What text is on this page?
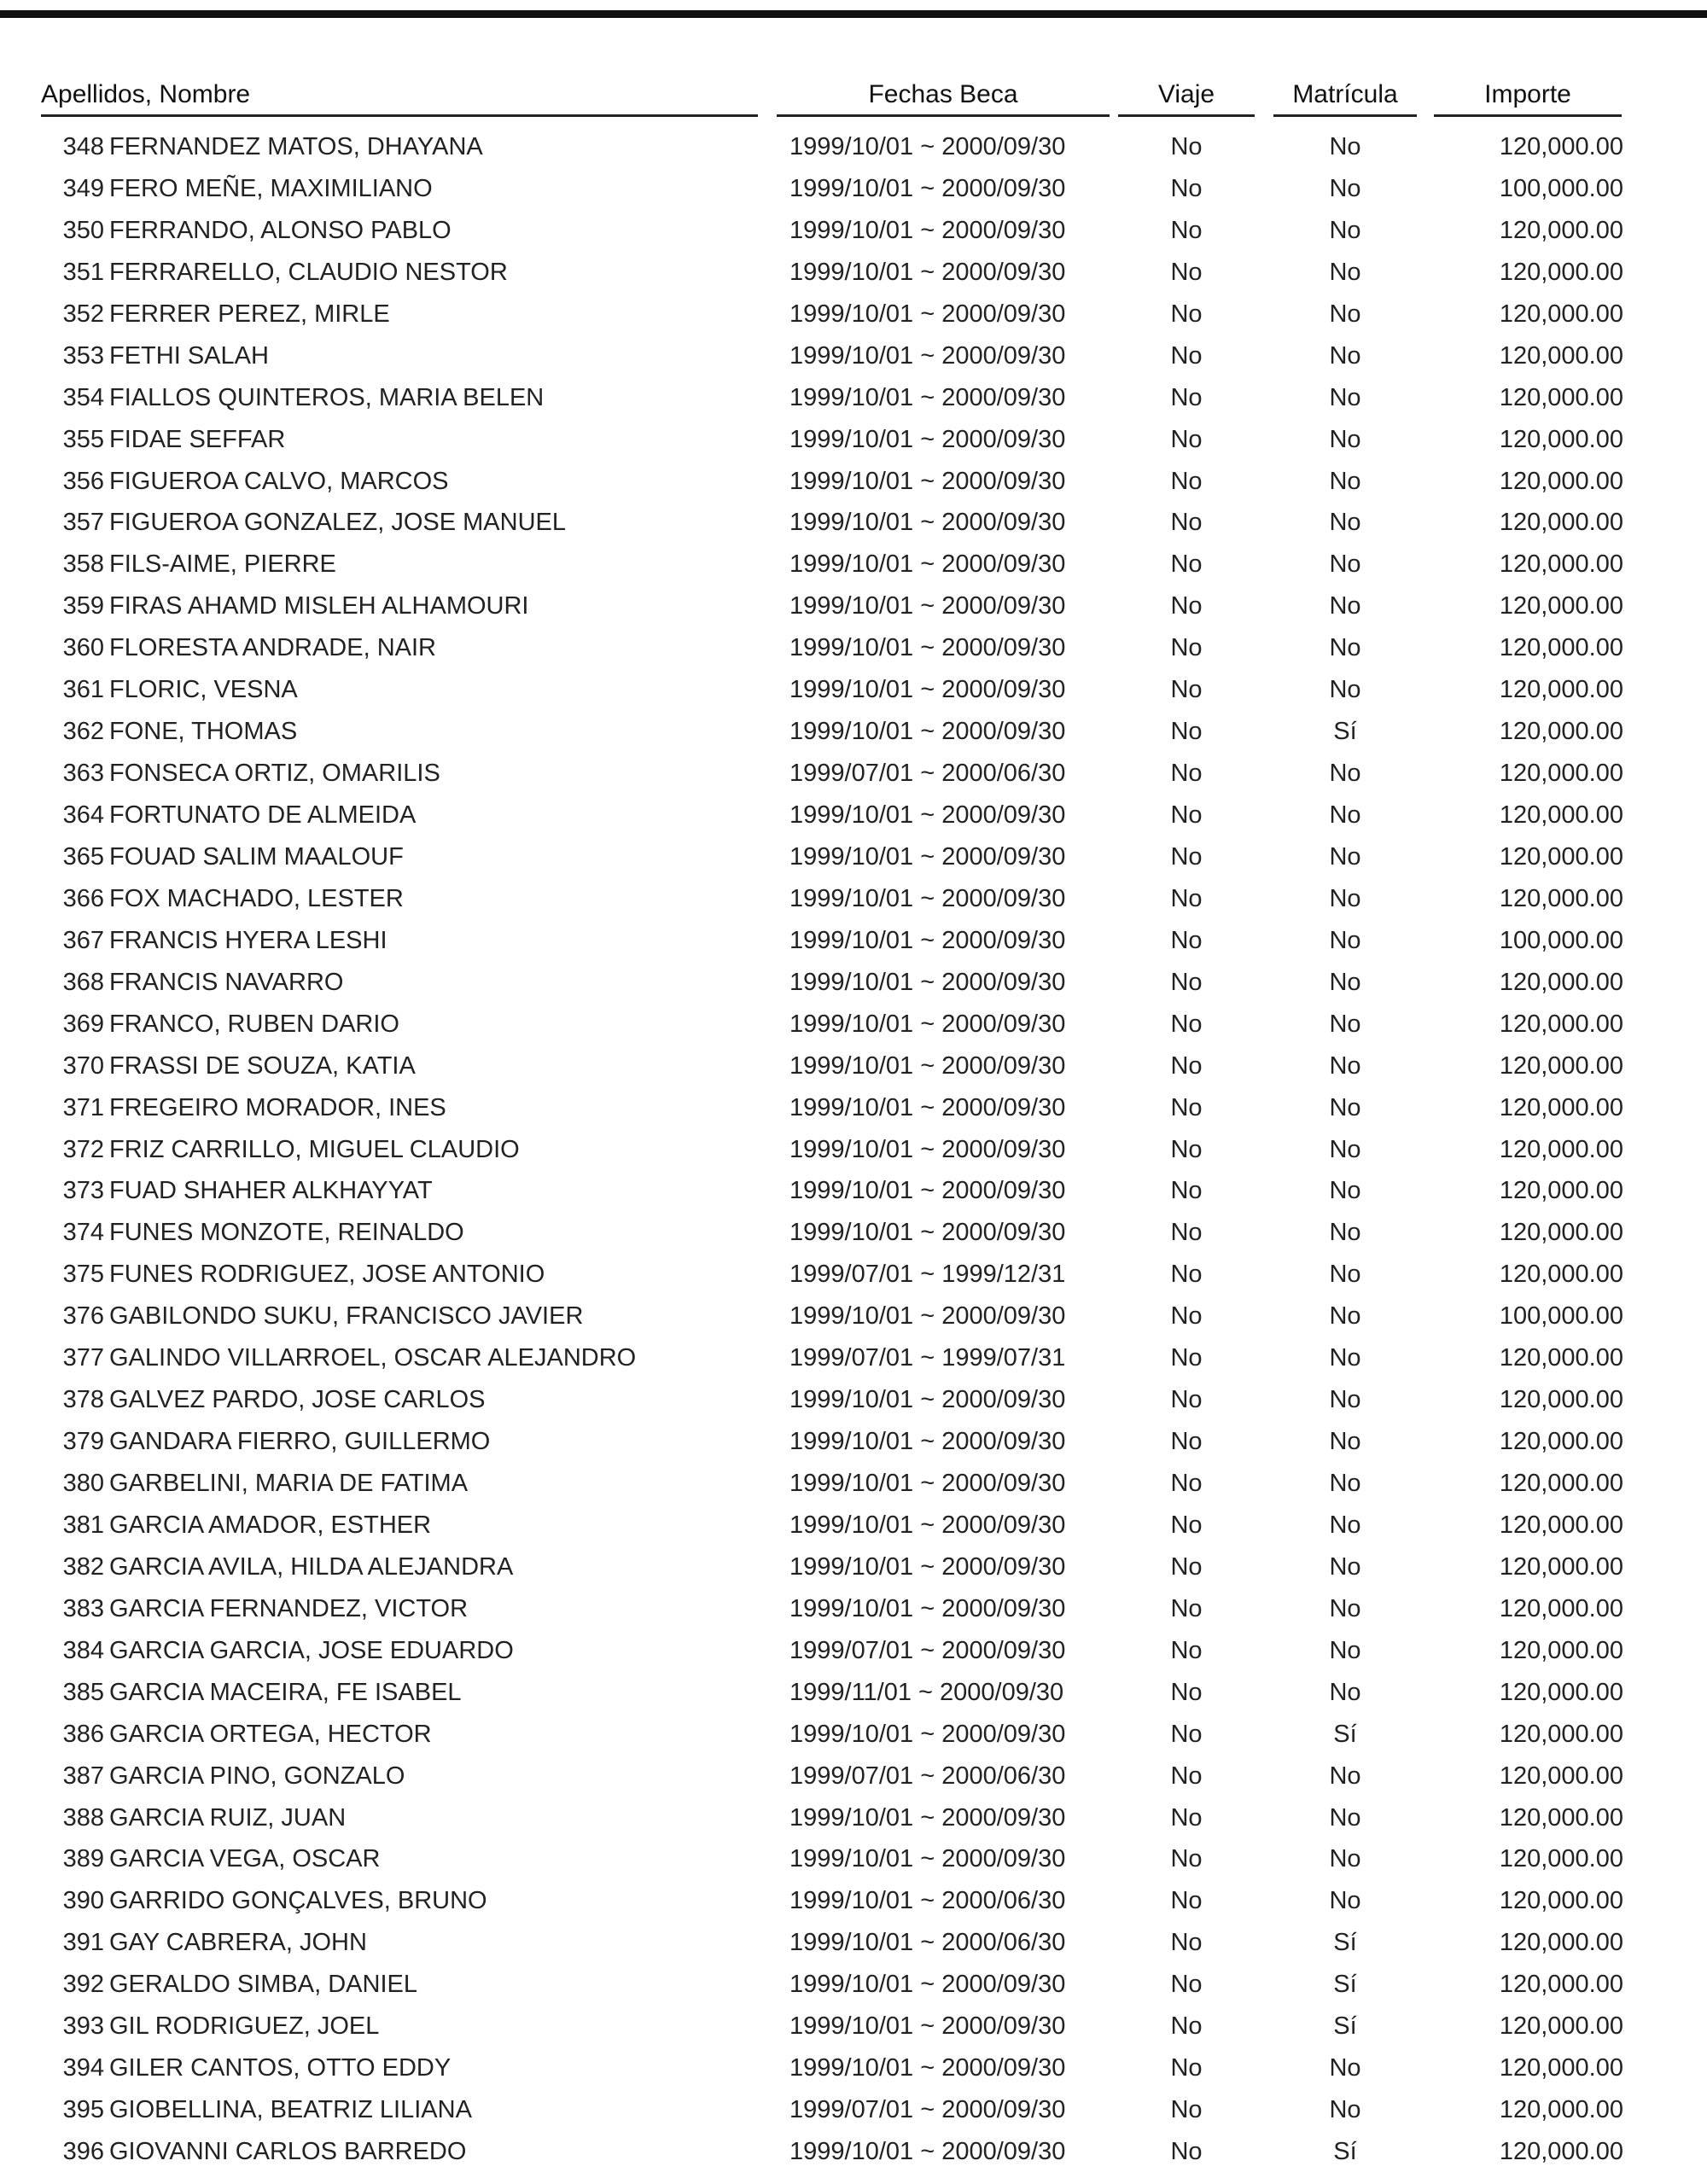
Apellidos, Nombre	Fechas Beca	Viaje	Matrícula	Importe
348 FERNANDEZ MATOS, DHAYANA	1999/10/01 ~ 2000/09/30	No	No	120,000.00
349 FERO MEÑE, MAXIMILIANO	1999/10/01 ~ 2000/09/30	No	No	100,000.00
350 FERRANDO, ALONSO PABLO	1999/10/01 ~ 2000/09/30	No	No	120,000.00
351 FERRARELLO, CLAUDIO NESTOR	1999/10/01 ~ 2000/09/30	No	No	120,000.00
352 FERRER PEREZ, MIRLE	1999/10/01 ~ 2000/09/30	No	No	120,000.00
353 FETHI SALAH	1999/10/01 ~ 2000/09/30	No	No	120,000.00
354 FIALLOS QUINTEROS, MARIA BELEN	1999/10/01 ~ 2000/09/30	No	No	120,000.00
355 FIDAE SEFFAR	1999/10/01 ~ 2000/09/30	No	No	120,000.00
356 FIGUEROA CALVO, MARCOS	1999/10/01 ~ 2000/09/30	No	No	120,000.00
357 FIGUEROA GONZALEZ, JOSE MANUEL	1999/10/01 ~ 2000/09/30	No	No	120,000.00
358 FILS-AIME, PIERRE	1999/10/01 ~ 2000/09/30	No	No	120,000.00
359 FIRAS AHAMD MISLEH ALHAMOURI	1999/10/01 ~ 2000/09/30	No	No	120,000.00
360 FLORESTA ANDRADE, NAIR	1999/10/01 ~ 2000/09/30	No	No	120,000.00
361 FLORIC, VESNA	1999/10/01 ~ 2000/09/30	No	No	120,000.00
362 FONE, THOMAS	1999/10/01 ~ 2000/09/30	No	Sí	120,000.00
363 FONSECA ORTIZ, OMARILIS	1999/07/01 ~ 2000/06/30	No	No	120,000.00
364 FORTUNATO DE ALMEIDA	1999/10/01 ~ 2000/09/30	No	No	120,000.00
365 FOUAD SALIM MAALOUF	1999/10/01 ~ 2000/09/30	No	No	120,000.00
366 FOX MACHADO, LESTER	1999/10/01 ~ 2000/09/30	No	No	120,000.00
367 FRANCIS HYERA LESHI	1999/10/01 ~ 2000/09/30	No	No	100,000.00
368 FRANCIS NAVARRO	1999/10/01 ~ 2000/09/30	No	No	120,000.00
369 FRANCO, RUBEN DARIO	1999/10/01 ~ 2000/09/30	No	No	120,000.00
370 FRASSI DE SOUZA, KATIA	1999/10/01 ~ 2000/09/30	No	No	120,000.00
371 FREGEIRO MORADOR, INES	1999/10/01 ~ 2000/09/30	No	No	120,000.00
372 FRIZ CARRILLO, MIGUEL CLAUDIO	1999/10/01 ~ 2000/09/30	No	No	120,000.00
373 FUAD SHAHER ALKHAYYAT	1999/10/01 ~ 2000/09/30	No	No	120,000.00
374 FUNES MONZOTE, REINALDO	1999/10/01 ~ 2000/09/30	No	No	120,000.00
375 FUNES RODRIGUEZ, JOSE ANTONIO	1999/07/01 ~ 1999/12/31	No	No	120,000.00
376 GABILONDO SUKU, FRANCISCO JAVIER	1999/10/01 ~ 2000/09/30	No	No	100,000.00
377 GALINDO VILLARROEL, OSCAR ALEJANDRO	1999/07/01 ~ 1999/07/31	No	No	120,000.00
378 GALVEZ PARDO, JOSE CARLOS	1999/10/01 ~ 2000/09/30	No	No	120,000.00
379 GANDARA FIERRO, GUILLERMO	1999/10/01 ~ 2000/09/30	No	No	120,000.00
380 GARBELINI, MARIA DE FATIMA	1999/10/01 ~ 2000/09/30	No	No	120,000.00
381 GARCIA AMADOR, ESTHER	1999/10/01 ~ 2000/09/30	No	No	120,000.00
382 GARCIA AVILA, HILDA ALEJANDRA	1999/10/01 ~ 2000/09/30	No	No	120,000.00
383 GARCIA FERNANDEZ, VICTOR	1999/10/01 ~ 2000/09/30	No	No	120,000.00
384 GARCIA GARCIA, JOSE EDUARDO	1999/07/01 ~ 2000/09/30	No	No	120,000.00
385 GARCIA MACEIRA, FE ISABEL	1999/11/01 ~ 2000/09/30	No	No	120,000.00
386 GARCIA ORTEGA, HECTOR	1999/10/01 ~ 2000/09/30	No	Sí	120,000.00
387 GARCIA PINO, GONZALO	1999/07/01 ~ 2000/06/30	No	No	120,000.00
388 GARCIA RUIZ, JUAN	1999/10/01 ~ 2000/09/30	No	No	120,000.00
389 GARCIA VEGA, OSCAR	1999/10/01 ~ 2000/09/30	No	No	120,000.00
390 GARRIDO GONÇALVES, BRUNO	1999/10/01 ~ 2000/06/30	No	No	120,000.00
391 GAY CABRERA, JOHN	1999/10/01 ~ 2000/06/30	No	Sí	120,000.00
392 GERALDO SIMBA, DANIEL	1999/10/01 ~ 2000/09/30	No	Sí	120,000.00
393 GIL RODRIGUEZ, JOEL	1999/10/01 ~ 2000/09/30	No	Sí	120,000.00
394 GILER CANTOS, OTTO EDDY	1999/10/01 ~ 2000/09/30	No	No	120,000.00
395 GIOBELLINA, BEATRIZ LILIANA	1999/07/01 ~ 2000/09/30	No	No	120,000.00
396 GIOVANNI CARLOS BARREDO	1999/10/01 ~ 2000/09/30	No	Sí	120,000.00
